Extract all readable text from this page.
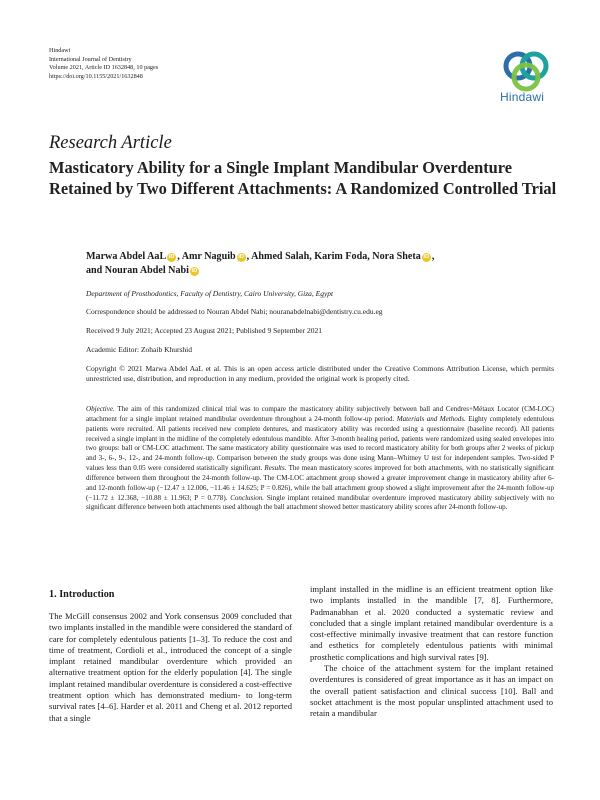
Hindawi
International Journal of Dentistry
Volume 2021, Article ID 1632848, 10 pages
https://doi.org/10.1155/2021/1632848
Hindawi
Research Article
Masticatory Ability for a Single Implant Mandibular Overdenture Retained by Two Different Attachments: A Randomized Controlled Trial
Marwa Abdel AaL iD , Amr Naguib iD , Ahmed Salah, Karim Foda, Nora Sheta iD ,
and Nouran Abdel Nabi iD
Department of Prosthodontics, Faculty of Dentistry, Cairo University, Giza, Egypt
Correspondence should be addressed to Nouran Abdel Nabi; nouranabdelnabi@dentistry.cu.edu.eg
Received 9 July 2021; Accepted 23 August 2021; Published 9 September 2021
Academic Editor: Zohaib Khurshid
Copyright © 2021 Marwa Abdel AaL et al. This is an open access article distributed under the Creative Commons Attribution License, which permits unrestricted use, distribution, and reproduction in any medium, provided the original work is properly cited.
Objective. The aim of this randomized clinical trial was to compare the masticatory ability subjectively between ball and Cendres+Métaux Locator (CM-LOC) attachment for a single implant retained mandibular overdenture throughout a 24-month follow-up period. Materials and Methods. Eighty completely edentulous patients were recruited. All patients received new complete dentures, and masticatory ability was recorded using a questionnaire (baseline record). All patients received a single implant in the midline of the completely edentulous mandible. After 3-month healing period, patients were randomized using sealed envelopes into two groups: ball or CM-LOC attachment. The same masticatory ability questionnaire was used to record masticatory ability for both groups after 2 weeks of pickup and 3-, 6-, 9-, 12-, and 24-month follow-up. Comparison between the study groups was done using Mann–Whitney U test for independent samples. Two-sided P values less than 0.05 were considered statistically significant. Results. The mean masticatory scores improved for both attachments, with no statistically significant difference between them throughout the 24-month follow-up. The CM-LOC attachment group showed a greater improvement change in masticatory ability after 6- and 12-month follow-up (−12.47 ± 12.006, −11.46 ± 14.625; P = 0.826), while the ball attachment group showed a slight improvement after the 24-month follow-up (−11.72 ± 12.368, −10.88 ± 11.963; P = 0.778). Conclusion. Single implant retained mandibular overdenture improved masticatory ability subjectively with no significant difference between both attachments used although the ball attachment showed better masticatory ability scores after 24-month follow-up.
1. Introduction

The McGill consensus 2002 and York consensus 2009 concluded that two implants installed in the mandible were considered the standard of care for completely edentulous patients [1–3]. To reduce the cost and time of treatment, Cordioli et al., introduced the concept of a single implant retained mandibular overdenture which provided an alternative treatment option for the elderly population [4]. The single implant retained mandibular overdenture is considered a cost-effective treatment option which has demonstrated medium- to long-term survival rates [4–6]. Harder et al. 2011 and Cheng et al. 2012 reported that a single

implant installed in the midline is an efficient treatment option like two implants installed in the mandible [7, 8]. Furthermore, Padmanabhan et al. 2020 conducted a systematic review and concluded that a single implant retained mandibular overdenture is a cost-effective minimally invasive treatment that can restore function and esthetics for completely edentulous patients with minimal prosthetic complications and high survival rates [9].

The choice of the attachment system for the implant retained overdentures is considered of great importance as it has an impact on the overall patient satisfaction and clinical success [10]. Ball and socket attachment is the most popular unsplinted attachment used to retain a mandibular
